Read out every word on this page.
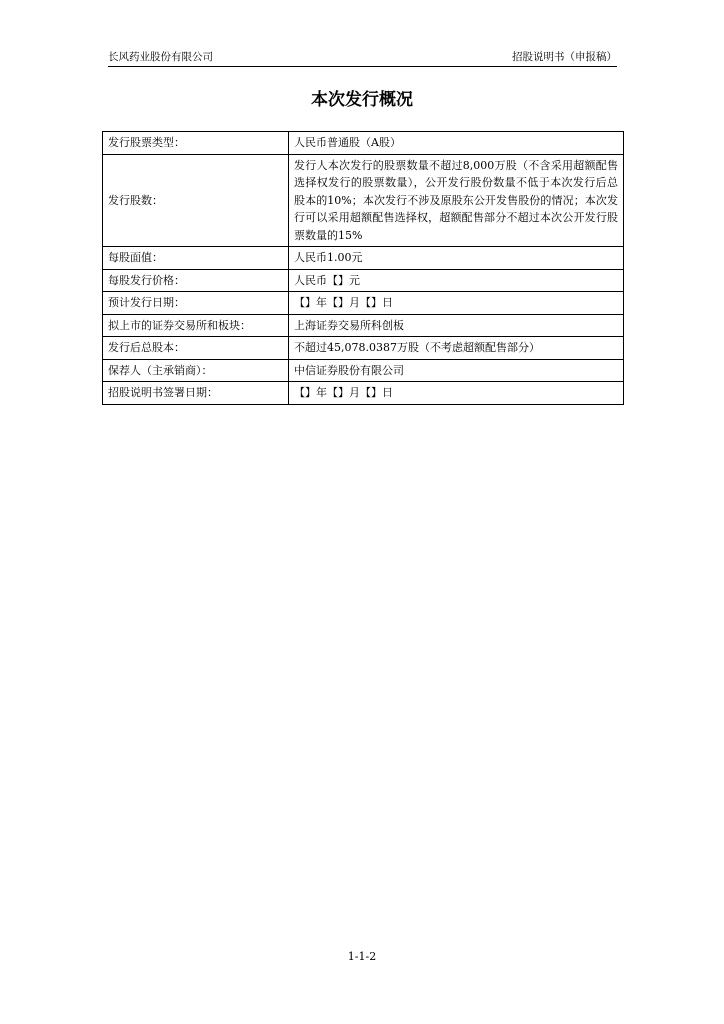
长风药业股份有限公司	招股说明书（申报稿）
本次发行概况
发行股票类型：	人民币普通股（A股）
发行股数：	发行人本次发行的股票数量不超过8,000万股（不含采用超额配售选择权发行的股票数量），公开发行股份数量不低于本次发行后总股本的10%；本次发行不涉及原股东公开发售股份的情况；本次发行可以采用超额配售选择权，超额配售部分不超过本次公开发行股票数量的15%
每股面值：	人民币1.00元
每股发行价格：	人民币【】元
预计发行日期：	【】年【】月【】日
拟上市的证券交易所和板块：	上海证券交易所科创板
发行后总股本：	不超过45,078.0387万股（不考虑超额配售部分）
保荐人（主承销商）：	中信证券股份有限公司
招股说明书签署日期：	【】年【】月【】日
1-1-2
